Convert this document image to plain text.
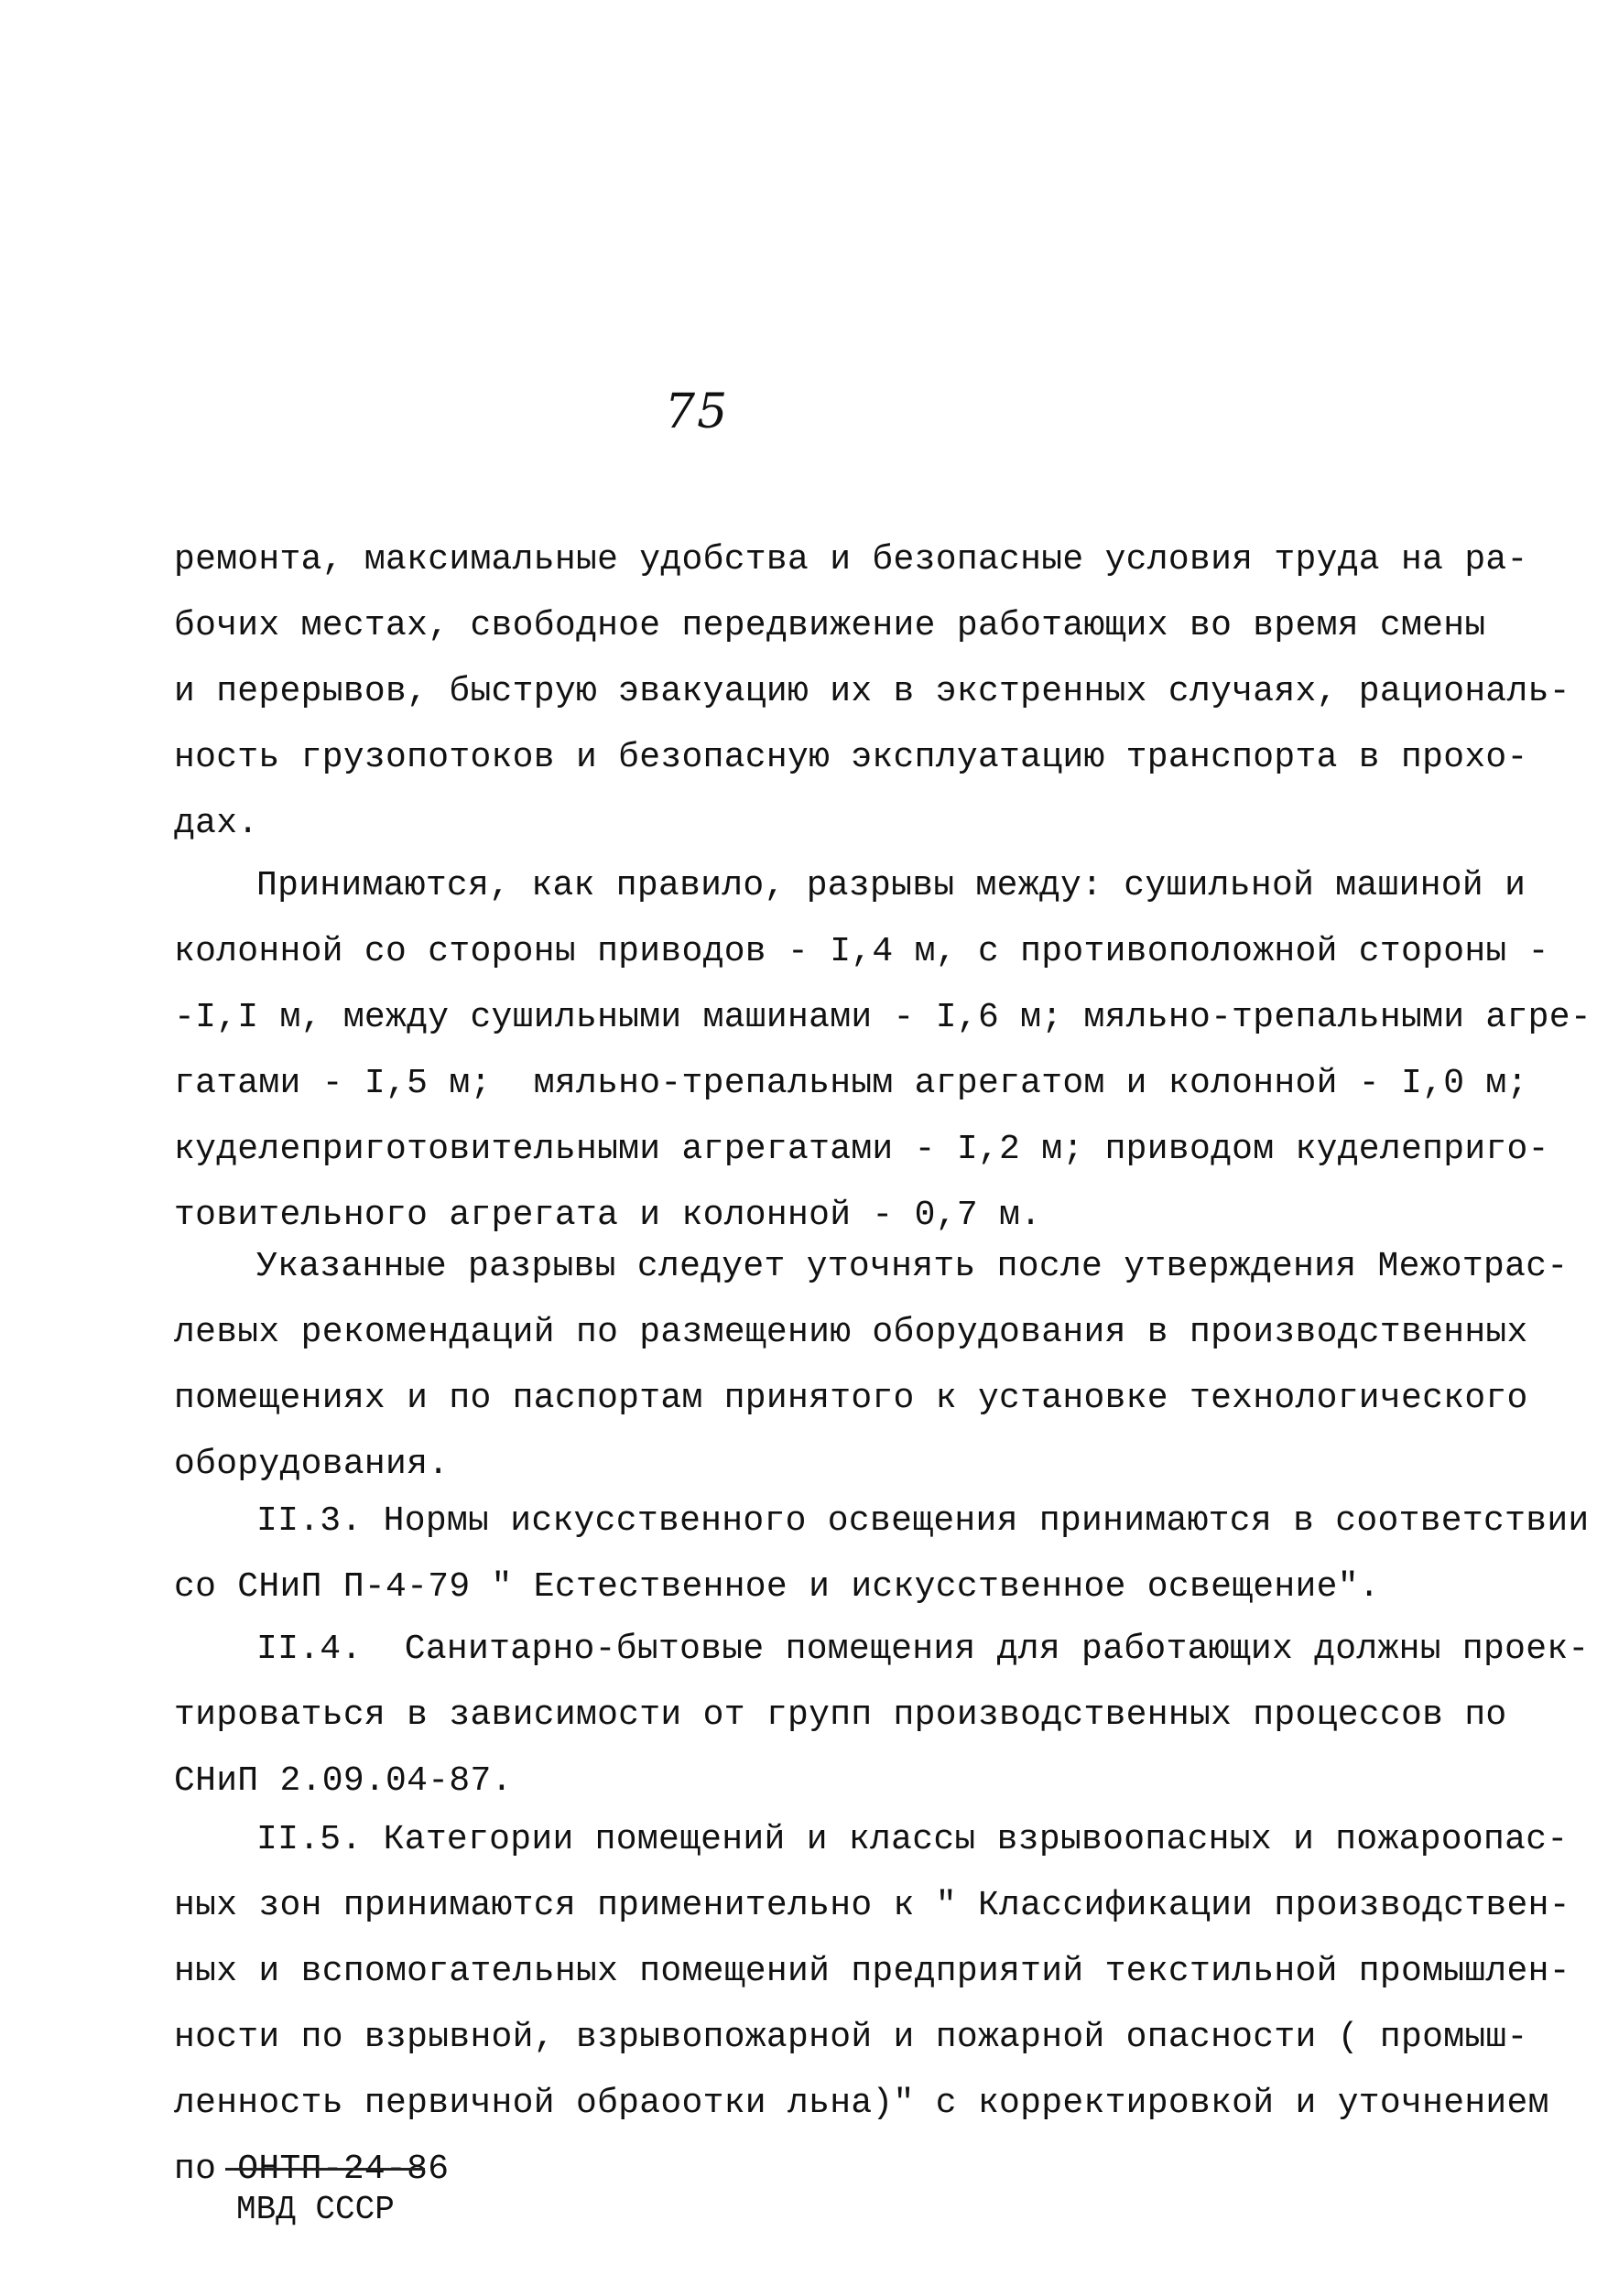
75
ремонта, максимальные удобства и безопасные условия труда на ра-
бочих местах, свободное передвижение работающих во время смены
и перерывов, быструю эвакуацию их в экстренных случаях, рациональ-
ность грузопотоков и безопасную эксплуатацию транспорта в прохо-
дах.
Принимаются, как правило, разрывы между: сушильной машиной и
колонной со стороны приводов - I,4 м, с противоположной стороны -
-I,I м, между сушильными машинами - I,6 м; мяльно-трепальными агре-
гатами - I,5 м;  мяльно-трепальным агрегатом и колонной - I,0 м;
куделеприготовительными агрегатами - I,2 м; приводом куделеприго-
товительного агрегата и колонной - 0,7 м.
Указанные разрывы следует уточнять после утверждения Межотрас-
левых рекомендаций по размещению оборудования в производственных
помещениях и по паспортам принятого к установке технологического
оборудования.
II.3. Нормы искусственного освещения принимаются в соответствии
со СНиП П-4-79 " Естественное и искусственное освещение".
II.4.  Санитарно-бытовые помещения для работающих должны проек-
тироваться в зависимости от групп производственных процессов по
СНиП 2.09.04-87.
II.5. Категории помещений и классы взрывоопасных и пожароопас-
ных зон принимаются применительно к " Классификации производствен-
ных и вспомогательных помещений предприятий текстильной промышлен-
ности по взрывной, взрывопожарной и пожарной опасности ( промыш-
ленность первичной обраоотки льна)" с корректировкой и уточнением
по ОНТП-24-86
МВД СССР
